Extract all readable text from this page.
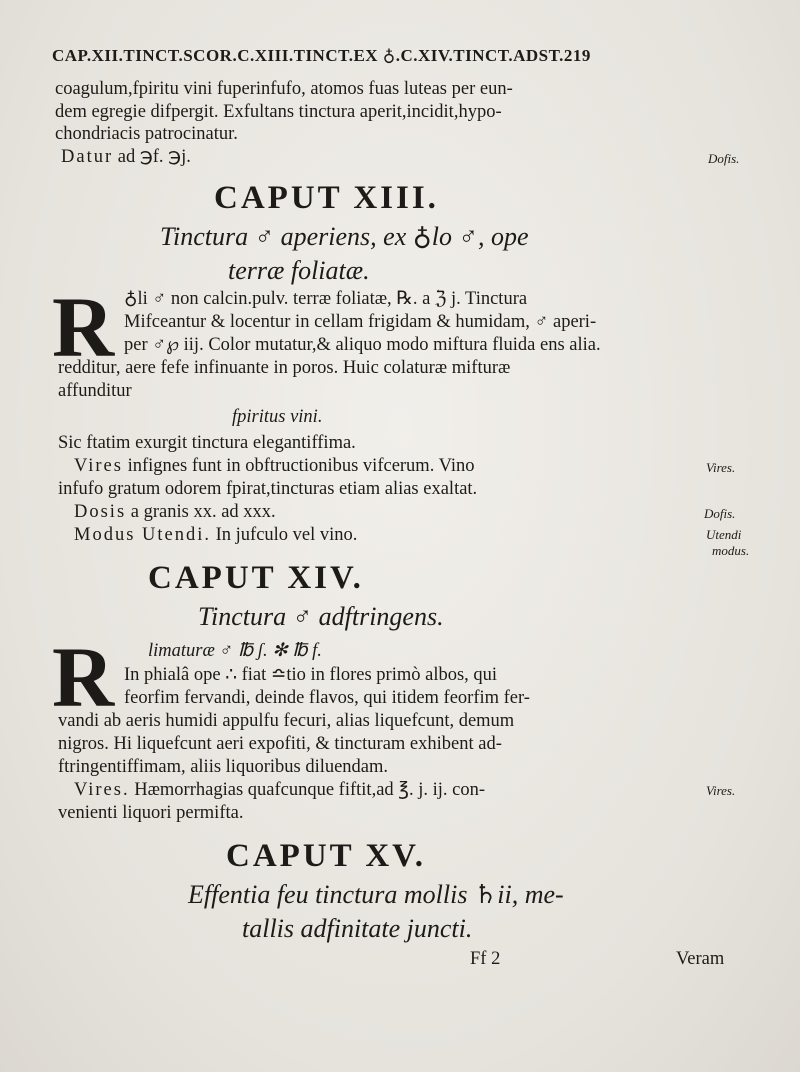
CAP.XII.TINCT.SCOR.C.XIII.TINCT.EX ♁.C.XIV.TINCT.ADST.219
coagulum,fpiritu vini fuperinfufo, atomos fuas luteas per eun-
dem egregie difpergit. Exfultans tinctura aperit,incidit,hypo-
chondriacis patrocinatur.
Datur ad ℈f. ℈j.	Dofis.
CAPUT XIII.
Tinctura ♂ aperiens, ex ♁lo ♂, ope
terræ foliatæ.
R ♁li ♂ non calcin.pulv. terræ foliatæ, ℞. a ℨ j. Tinctura
Mifceantur & locentur in cellam frigidam & humidam, ♂ aperi-
per ♂℘ iij. Color mutatur,& aliquo modo miftura fluida ens alia.
redditur, aere fefe infinuante in poros. Huic colaturæ mifturæ
affunditur
fpiritus vini.
Sic ftatim exurgit tinctura elegantiffima.
Vires infignes funt in obftructionibus vifcerum. Vino	Vires.
infufo gratum odorem fpirat,tincturas etiam alias exaltat.
Dosis a granis xx. ad xxx.	Dofis.
Modus Utendi. In jufculo vel vino.	Utendi
modus.
CAPUT XIV.
Tinctura ♂ adftringens.
R limaturæ ♂ ℔ ʃ. ✻ ℔ f.
In phialâ ope ∴ fiat ≏tio in flores primò albos, qui
feorfim fervandi, deinde flavos, qui itidem feorfim fer-
vandi ab aeris humidi appulfu fecuri, alias liquefcunt, demum
nigros. Hi liquefcunt aeri expofiti, & tincturam exhibent ad-
ftringentiffimam, aliis liquoribus diluendam.
Vires. Hæmorrhagias quafcunque fiftit,ad ℥. j. ij. con-	Vires.
venienti liquori permifta.
CAPUT XV.
Effentia feu tinctura mollis ♄ii, me-
tallis adfinitate juncti.
Ff 2	Veram
